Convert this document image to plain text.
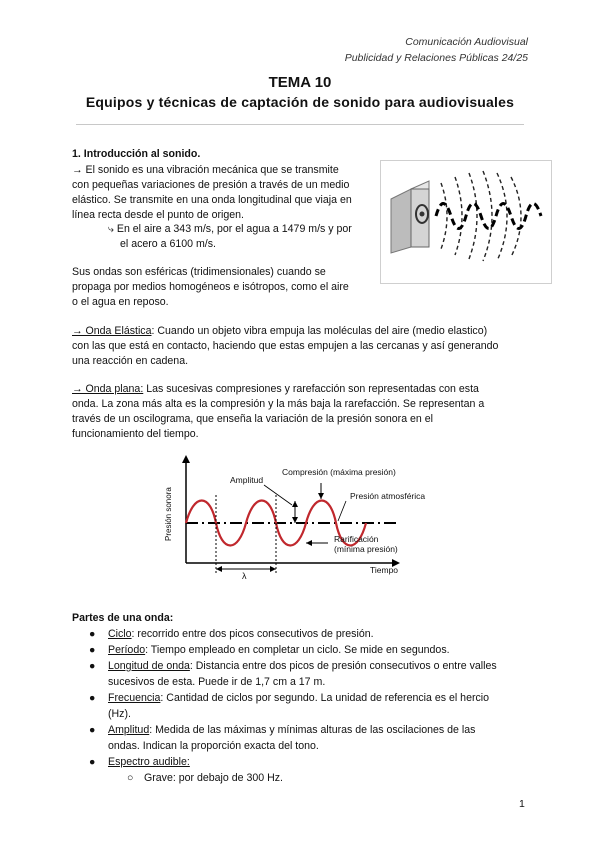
Comunicación Audiovisual
Publicidad y Relaciones Públicas 24/25
TEMA 10
Equipos y técnicas de captación de sonido para audiovisuales
1. Introducción al sonido.
→ El sonido es una vibración mecánica que se transmite
con pequeñas variaciones de presión a través de un medio
elástico. Se transmite en una onda longitudinal que viaja en
línea recta desde el punto de origen.
⤷ En el aire a 343 m/s, por el agua a 1479 m/s y por
el acero a 6100 m/s.
Sus ondas son esféricas (tridimensionales) cuando se
propaga por medios homogéneos e isótropos, como el aire
o el agua en reposo.
→ Onda Elástica: Cuando un objeto vibra empuja las moléculas del aire (medio elastico)
con las que está en contacto, haciendo que estas empujen a las cercanas y así generando
una reacción en cadena.
→ Onda plana: Las sucesivas compresiones y rarefacción son representadas con esta
onda. La zona más alta es la compresión y la más baja la rarefacción. Se representan a
través de un oscilograma, que enseña la variación de la presión sonora en el
funcionamiento del tiempo.
Presión sonora
Amplitud
Compresión (máxima presión)
Presión atmosférica
Rarificación
(mínima presión)
Tiempo
λ
Partes de una onda:
● Ciclo: recorrido entre dos picos consecutivos de presión.
● Período: Tiempo empleado en completar un ciclo. Se mide en segundos.
● Longitud de onda: Distancia entre dos picos de presión consecutivos o entre valles
sucesivos de esta. Puede ir de 1,7 cm a 17 m.
● Frecuencia: Cantidad de ciclos por segundo. La unidad de referencia es el hercio
(Hz).
● Amplitud: Medida de las máximas y mínimas alturas de las oscilaciones de las
ondas. Indican la proporción exacta del tono.
● Espectro audible:
○ Grave: por debajo de 300 Hz.
1
